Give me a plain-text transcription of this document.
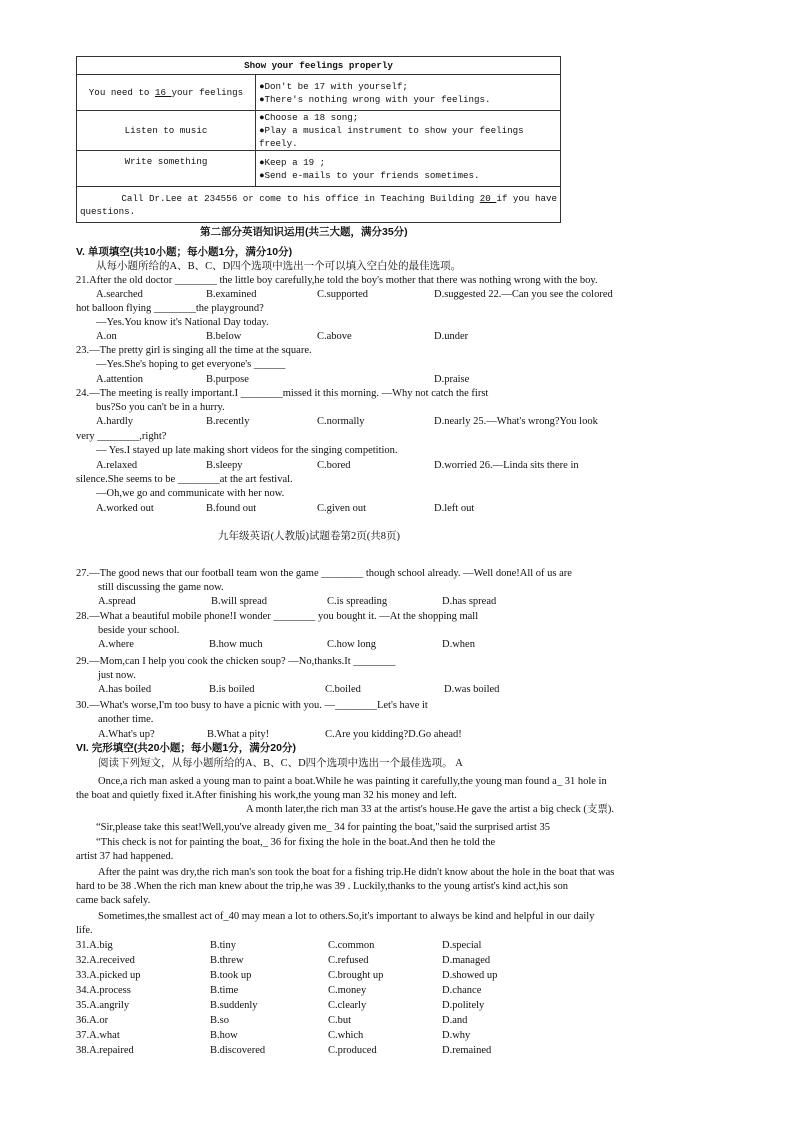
Show your feelings properly	
You need to 16 your feelings	●Don't be 17 with yourself;
●There's nothing wrong with your feelings.

Listen to music	●Choose a 18 song;
●Play a musical instrument to show your feelings freely.

Write something	●Keep a 19 ;
●Send e-mails to your friends sometimes.

Call Dr.Lee at 234556 or come to his office in Teaching Building 20 if you have
questions.	
第二部分英语知识运用(共三大题，满分35分)
V. 单项填空(共10小题；每小题1分，满分10分)
从每小题所给的A、B、C、D四个选项中选出一个可以填入空白处的最佳选项。
21.After the old doctor ________ the little boy carefully,he told the boy's mother that there was nothing wrong with the boy.
A.searched	B.examined	C.supported	D.suggested 22.—Can you see the colored
hot balloon flying ________the playground?
—Yes.You know it's National Day today.
A.on	B.below	C.above	D.under
23.—The pretty girl is singing all the time at the square.
—Yes.She's hoping to get everyone's ______
A.attention	B.purpose	D.praise
24.—The meeting is really important.I ________missed it this morning. —Why not catch the first
bus?So you can't be in a hurry.
A.hardly	B.recently	C.normally	D.nearly 25.—What's wrong?You look
very ________,right?
— Yes.I stayed up late making short videos for the singing competition.
A.relaxed	B.sleepy	C.bored	D.worried 26.—Linda sits there in
silence.She seems to be ________at the art festival.
—Oh,we go and communicate with her now.
A.worked out	B.found out	C.given out	D.left out
九年级英语(人教版)试题卷第2页(共8页)
27.—The good news that our football team won the game ________ though school already. —Well done!All of us are
still discussing the game now.
A.spread	B.will spread	C.is spreading	D.has spread
28.—What a beautiful mobile phone!I wonder ________ you bought it. —At the shopping mall
beside your school.
A.where	B.how much	C.how long	D.when
29.—Mom,can I help you cook the chicken soup? —No,thanks.It ________
just now.
A.has boiled	B.is boiled	C.boiled	D.was boiled
30.—What's worse,I'm too busy to have a picnic with you. —________Let's have it
another time.
A.What's up?	B.What a pity!	C.Are you kidding?D.Go ahead!
VI. 完形填空(共20小题；每小题1分，满分20分)
阅读下列短文，从每小题所给的A、B、C、D四个选项中选出一个最佳选项。 A
Once,a rich man asked a young man to paint a boat.While he was painting it carefully,the young man found a_ 31 hole in
the boat and quietly fixed it.After finishing his work,the young man 32 his money and left.
A month later,the rich man 33 at the artist's house.He gave the artist a big check (支票).
“Sir,please take this seat!Well,you've already given me_ 34 for painting the boat,"said the surprised artist 35
“This check is not for painting the boat,_ 36 for fixing the hole in the boat.And then he told the
artist 37 had happened.
After the paint was dry,the rich man's son took the boat for a fishing trip.He didn't know about the hole in the boat that was
hard to be 38 .When the rich man knew about the trip,he was 39 . Luckily,thanks to the young artist's kind act,his son
came back safely.
Sometimes,the smallest act of_40 may mean a lot to others.So,it's important to always be kind and helpful in our daily
life.
31.A.big	B.tiny	C.common	D.special
32.A.received	B.threw	C.refused	D.managed
33.A.picked up	B.took up	C.brought up	D.showed up
34.A.process	B.time	C.money	D.chance
35.A.angrily	B.suddenly	C.clearly	D.politely
36.A.or	B.so	C.but	D.and
37.A.what	B.how	C.which	D.why
38.A.repaired	B.discovered	C.produced	D.remained
